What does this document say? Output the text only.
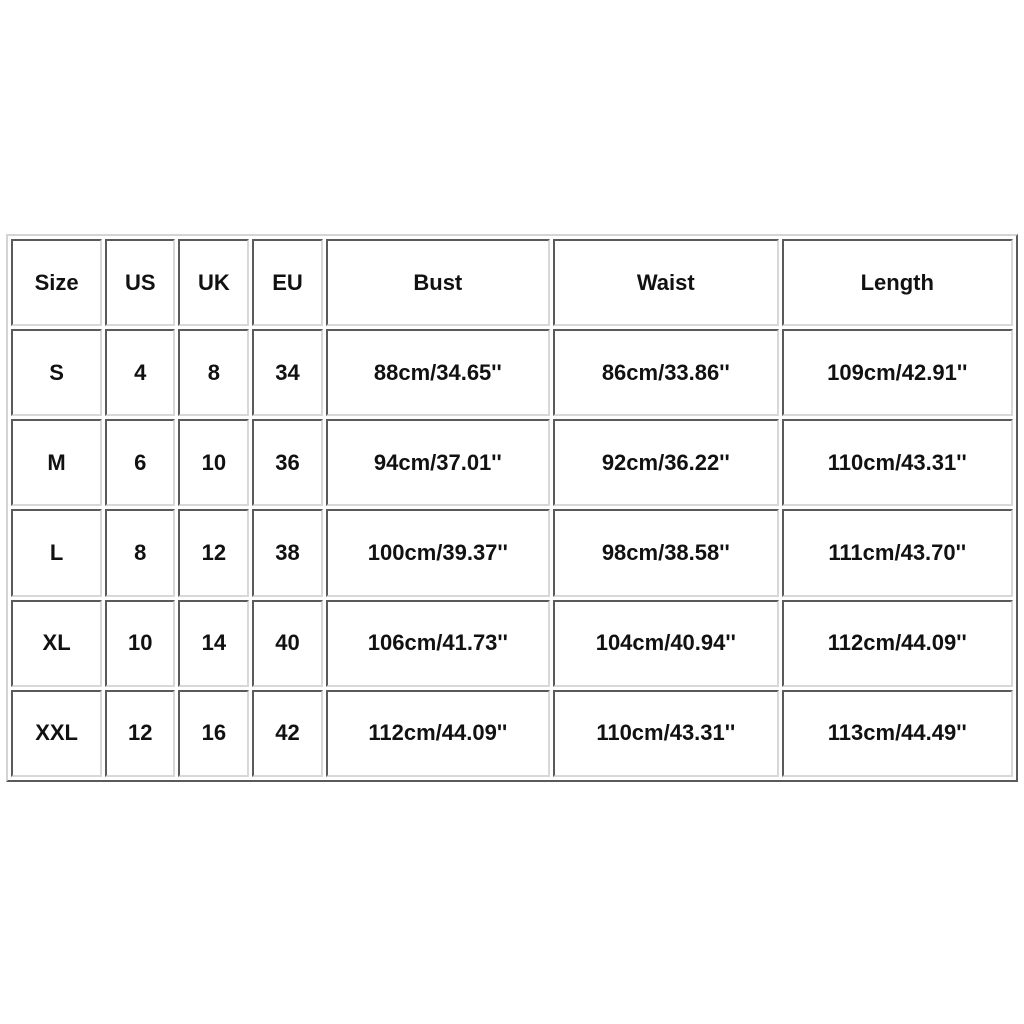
Size	US	UK	EU	Bust	Waist	Length
S	4	8	34	88cm/34.65''	86cm/33.86''	109cm/42.91''
M	6	10	36	94cm/37.01''	92cm/36.22''	110cm/43.31''
L	8	12	38	100cm/39.37''	98cm/38.58''	111cm/43.70''
XL	10	14	40	106cm/41.73''	104cm/40.94''	112cm/44.09''
XXL	12	16	42	112cm/44.09''	110cm/43.31''	113cm/44.49''
